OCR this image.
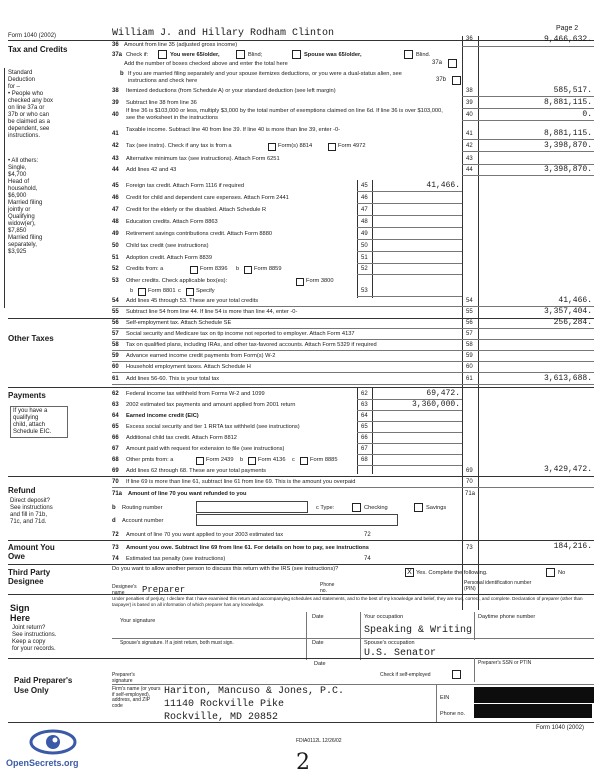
Form 1040 (2002)	William J. and Hillary Rodham Clinton	Page 2
Tax and Credits	36 Amount from line 35 (adjusted gross income)
36	9,466,632.
37a Check if:	You were 65/older,	Blind;	Spouse was 65/older,	Blind.
Add the number of boxes checked above and enter the total here	37a
Standard
Deduction
for –
• People who
checked any box
on line 37a or
37b or who can
be claimed as a
dependent, see
instructions.
b If you are married filing separately and your spouse itemizes deductions, or you were a dual-status alien, see instructions and check here	37b
38 Itemized deductions (from Schedule A) or your standard deduction (see left margin)	38	585,517.
39 Subtract line 38 from line 36	39	8,881,115.
40
If line 36 is $103,000 or less, multiply $3,000 by the total number of exemptions claimed on line 6d. If line 36 is over $103,000, see the worksheet in the instructions	40	0.
41
Taxable income. Subtract line 40 from line 39. If line 40 is more than line 39, enter -0-
41	8,881,115.
42 Tax (see instrs). Check if any tax is from a	Form(s) 8814	Form 4972	42	3,398,870.
43 Alternative minimum tax (see instructions). Attach Form 6251	43
44 Add lines 42 and 43	44	3,398,870.
• All others:
Single,
$4,700
Head of
household,
$6,900
Married filing
jointly or
Qualifying
widow(er),
$7,850
Married filing
separately,
$3,925
45 Foreign tax credit. Attach Form 1116 if required	45	41,466.
46 Credit for child and dependent care expenses. Attach Form 2441	46
47 Credit for the elderly or the disabled. Attach Schedule R	47
48 Education credits. Attach Form 8863	48
49 Retirement savings contributions credit. Attach Form 8880	49
50 Child tax credit (see instructions)	50
51 Adoption credit. Attach Form 8839	51
52 Credits from: a	Form 8396 b	Form 8859	52
53 Other credits. Check applicable box(es):	Form 3800
b	Form 8801 c	Specify	53
54 Add lines 45 through 53. These are your total credits	54	41,466.
55 Subtract line 54 from line 44. If line 54 is more than line 44, enter -0-	55	3,357,404.
Other Taxes
56 Self-employment tax. Attach Schedule SE	56	256,284.
57 Social security and Medicare tax on tip income not reported to employer. Attach Form 4137	57
58 Tax on qualified plans, including IRAs, and other tax-favored accounts. Attach Form 5329 if required	58
59 Advance earned income credit payments from Form(s) W-2	59
60 Household employment taxes. Attach Schedule H	60
61 Add lines 56-60. This is your total tax	61	3,613,688.
Payments
If you have a
qualifying
child, attach
Schedule EIC.
62 Federal income tax withheld from Forms W-2 and 1099	62	69,472.
63 2002 estimated tax payments and amount applied from 2001 return	63	3,360,000.
64 Earned income credit (EIC)	64
65 Excess social security and tier 1 RRTA tax withheld (see instructions)	65
66 Additional child tax credit. Attach Form 8812	66
67 Amount paid with request for extension to file (see instructions)	67
68 Other pmts from: a	Form 2439 b	Form 4136 c	Form 8885	68
69 Add lines 62 through 68. These are your total payments	69	3,429,472.
Refund
Direct deposit?
See instructions
and fill in 71b,
71c, and 71d.
70 If line 69 is more than line 61, subtract line 61 from line 69. This is the amount you overpaid	70
71a Amount of line 70 you want refunded to you	71a
b Routing number	c Type:	Checking	Savings
d Account number
72 Amount of line 70 you want applied to your 2003 estimated tax	72
Amount You Owe
73 Amount you owe. Subtract line 69 from line 61. For details on how to pay, see instructions	73	184,216.
74 Estimated tax penalty (see instructions)	74
Third Party Designee
Do you want to allow another person to discuss this return with the IRS (see instructions)?	X Yes. Complete the following.	No
Designee's name	Preparer	Phone no.
Personal identification number (PIN)
Sign Here
Joint return?
See instructions.
Keep a copy
for your records.
Under penalties of perjury, I declare that I have examined this return and accompanying schedules and statements, and to the best of my knowledge and belief, they are true, correct, and complete. Declaration of preparer (other than taxpayer) is based on all information of which preparer has any knowledge.
Your signature
Date	Your occupation
Speaking & Writing
Daytime phone number
Spouse's signature. If a joint return, both must sign.	Date	Spouse's occupation
U.S. Senator
Paid Preparer's Use Only
Date
Preparer's signature
Check if self-employed
Preparer's SSN or PTIN
Firm's name (or yours if self-employed), address, and ZIP code
Hariton, Mancuso & Jones, P.C.
11140 Rockville Pike
Rockville, MD 20852
EIN
Phone no.
Form 1040 (2002)
FDIA0112L 12/26/02
2
OpenSecrets.org
